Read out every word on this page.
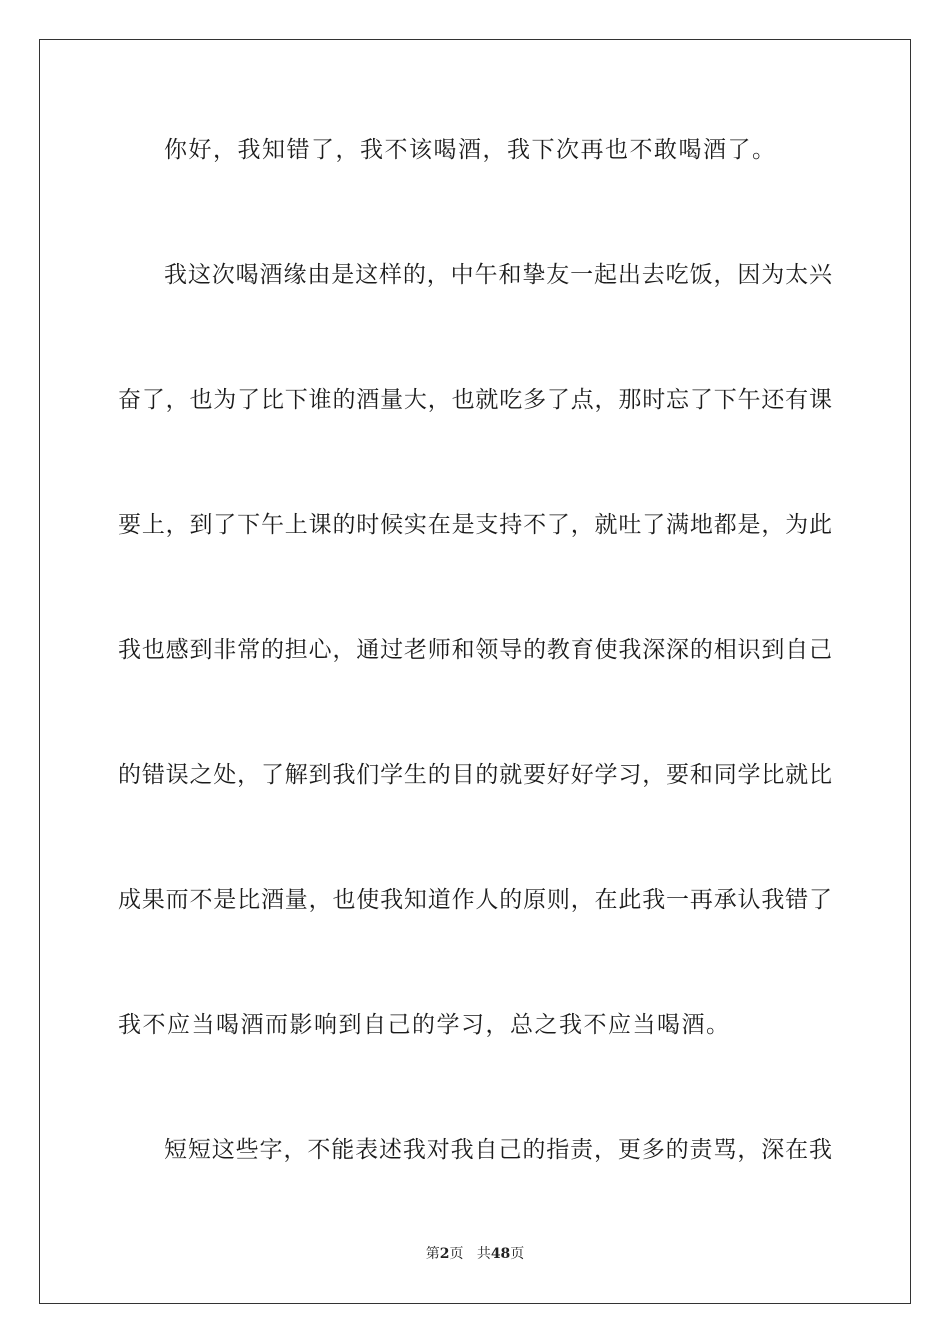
你好，我知错了，我不该喝酒，我下次再也不敢喝酒了。
我这次喝酒缘由是这样的，中午和挚友一起出去吃饭，因为太兴
奋了，也为了比下谁的酒量大，也就吃多了点，那时忘了下午还有课
要上，到了下午上课的时候实在是支持不了，就吐了满地都是，为此
我也感到非常的担心，通过老师和领导的教育使我深深的相识到自己
的错误之处，了解到我们学生的目的就要好好学习，要和同学比就比
成果而不是比酒量，也使我知道作人的原则，在此我一再承认我错了
我不应当喝酒而影响到自己的学习，总之我不应当喝酒。
短短这些字，不能表述我对我自己的指责，更多的责骂，深在我
第2页 共48页
